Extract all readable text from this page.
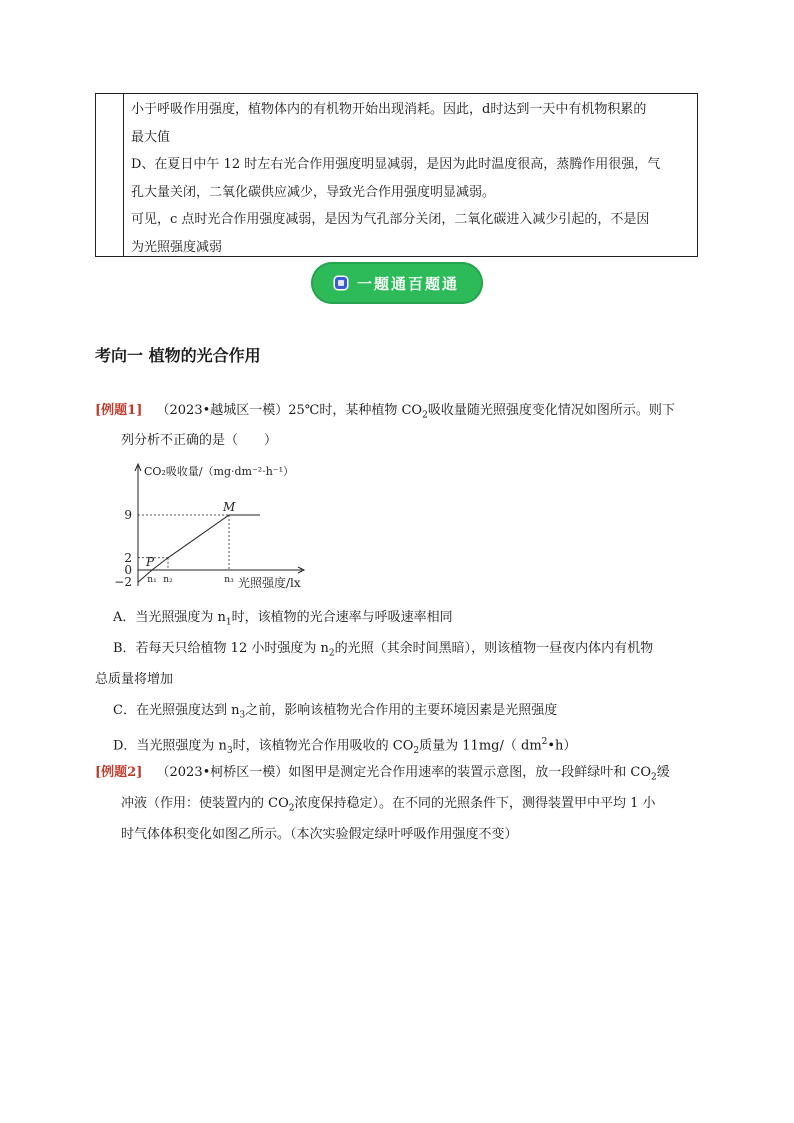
小于呼吸作用强度，植物体内的有机物开始出现消耗。因此，d时达到一天中有机物积累的

最大值

D、在夏日中午 12 时左右光合作用强度明显减弱，是因为此时温度很高，蒸腾作用很强，气

孔大量关闭，二氧化碳供应减少，导致光合作用强度明显减弱。

可见，c 点时光合作用强度减弱，是因为气孔部分关闭，二氧化碳进入减少引起的，不是因

为光照强度减弱

一题通百题通
考向一 植物的光合作用
[例题1] （2023•越城区一模）25℃时，某种植物 $CO_2$吸收量随光照强度变化情况如图所示。则下
列分析不正确的是（　　）
9
2
0
−2 n₁ n₂	n₃
P
M
CO₂吸收量/（mg·dm⁻²·h⁻¹）
光照强度/lx
A．当光照强度为 $n_1$时，该植物的光合速率与呼吸速率相同
B．若每天只给植物 12 小时强度为 $n_2$的光照（其余时间黑暗），则该植物一昼夜内体内有机物
总质量将增加
C．在光照强度达到 $n_3$之前，影响该植物光合作用的主要环境因素是光照强度
D．当光照强度为 $n_3$时，该植物光合作用吸收的 $CO_2$质量为 11mg/（ $dm^2•h$）
[例题2] （2023•柯桥区一模）如图甲是测定光合作用速率的装置示意图，放一段鲜绿叶和 $CO_2$缓
冲液（作用：使装置内的 $CO_2$浓度保持稳定）。在不同的光照条件下，测得装置甲中平均 1 小
时气体体积变化如图乙所示。（本次实验假定绿叶呼吸作用强度不变）
